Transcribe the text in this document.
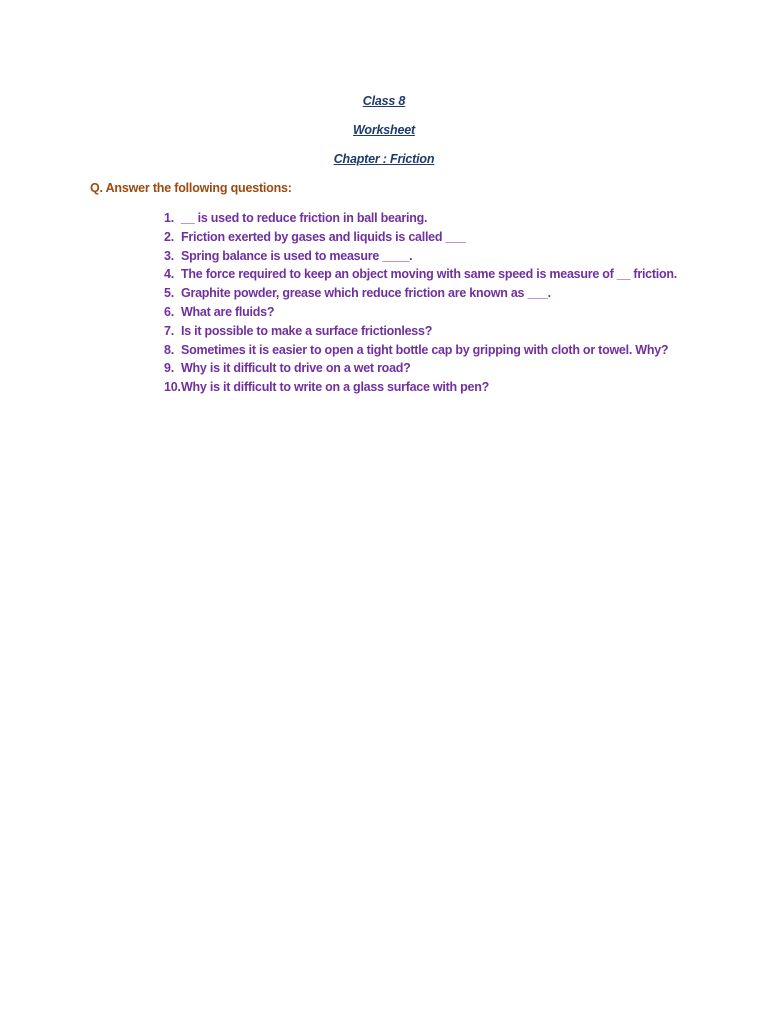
Class 8
Worksheet
Chapter : Friction
Q. Answer the following questions:
1. __ is used to reduce friction in ball bearing.
2. Friction exerted by gases and liquids is called ___
3. Spring balance is used to measure ____.
4. The force required to keep an object moving with same speed is measure of __ friction.
5. Graphite powder, grease which reduce friction are known as ___.
6. What are fluids?
7. Is it possible to make a surface frictionless?
8. Sometimes it is easier to open a tight bottle cap by gripping with cloth or towel. Why?
9. Why is it difficult to drive on a wet road?
10. Why is it difficult to write on a glass surface with pen?
